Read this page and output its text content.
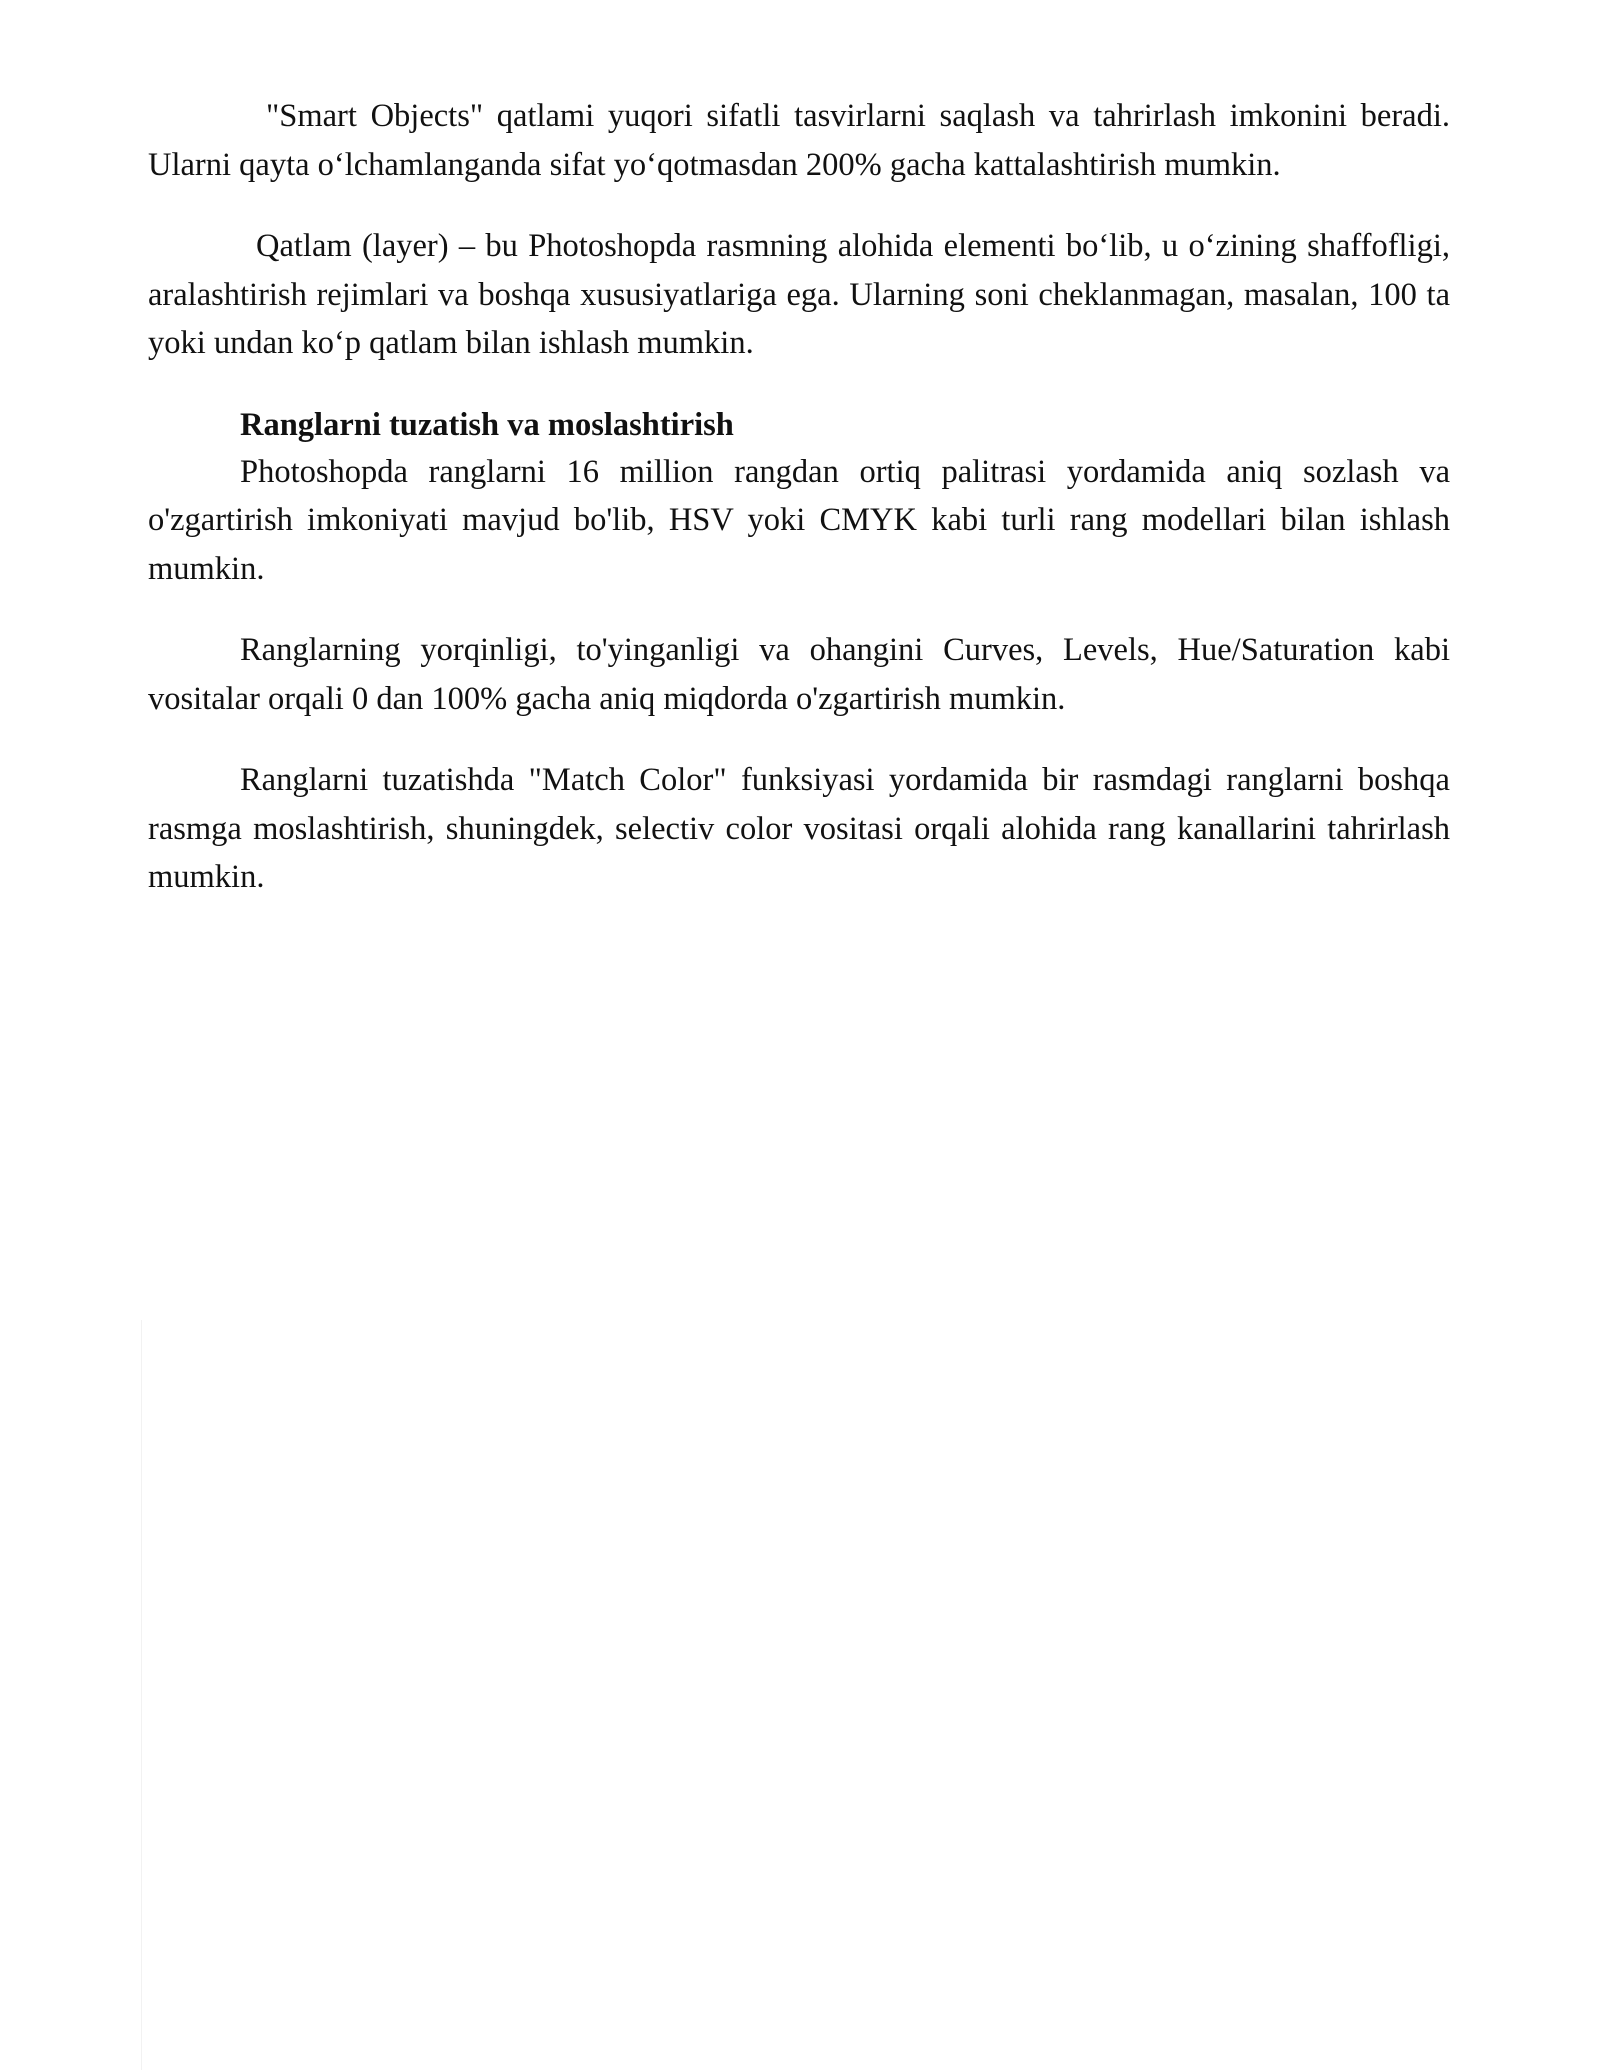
"Smart Objects" qatlami yuqori sifatli tasvirlarni saqlash va tahrirlash imkonini beradi. Ularni qayta o‘lchamlanganda sifat yo‘qotmasdan 200% gacha kattalashtirish mumkin.

Qatlam (layer) – bu Photoshopda rasmning alohida elementi bo‘lib, u o‘zining shaffofligi, aralashtirish rejimlari va boshqa xususiyatlariga ega. Ularning soni cheklanmagan, masalan, 100 ta yoki undan ko‘p qatlam bilan ishlash mumkin.

Ranglarni tuzatish va moslashtirish

Photoshopda ranglarni 16 million rangdan ortiq palitrasi yordamida aniq sozlash va o'zgartirish imkoniyati mavjud bo'lib, HSV yoki CMYK kabi turli rang modellari bilan ishlash mumkin.

Ranglarning yorqinligi, to'yinganligi va ohangini Curves, Levels, Hue/Saturation kabi vositalar orqali 0 dan 100% gacha aniq miqdorda o'zgartirish mumkin.

Ranglarni tuzatishda "Match Color" funksiyasi yordamida bir rasmdagi ranglarni boshqa rasmga moslashtirish, shuningdek, selectiv color vositasi orqali alohida rang kanallarini tahrirlash mumkin.
